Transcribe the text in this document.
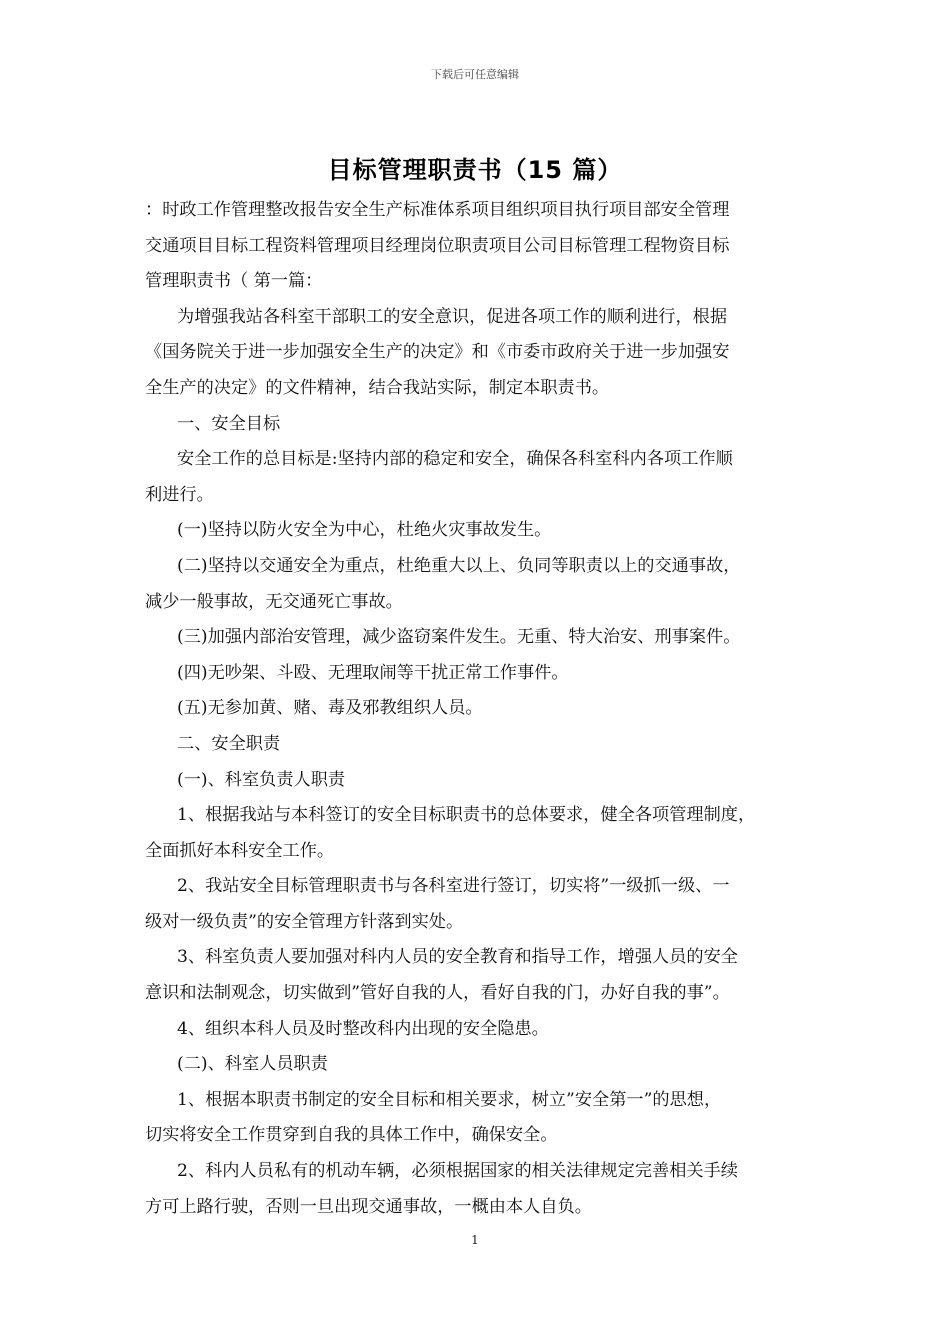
下载后可任意编辑
目标管理职责书（15 篇）
：时政工作管理整改报告安全生产标准体系项目组织项目执行项目部安全管理
交通项目目标工程资料管理项目经理岗位职责项目公司目标管理工程物资目标
管理职责书（ 第一篇：
为增强我站各科室干部职工的安全意识，促进各项工作的顺利进行，根据
《国务院关于进一步加强安全生产的决定》和《市委市政府关于进一步加强安
全生产的决定》的文件精神，结合我站实际，制定本职责书。
一、安全目标
安全工作的总目标是:坚持内部的稳定和安全，确保各科室科内各项工作顺
利进行。
(一)坚持以防火安全为中心，杜绝火灾事故发生。
(二)坚持以交通安全为重点，杜绝重大以上、负同等职责以上的交通事故，
减少一般事故，无交通死亡事故。
(三)加强内部治安管理，减少盗窃案件发生。无重、特大治安、刑事案件。
(四)无吵架、斗殴、无理取闹等干扰正常工作事件。
(五)无参加黄、赌、毒及邪教组织人员。
二、安全职责
(一)、科室负责人职责
1、根据我站与本科签订的安全目标职责书的总体要求，健全各项管理制度，
全面抓好本科安全工作。
2、我站安全目标管理职责书与各科室进行签订，切实将”一级抓一级、一
级对一级负责”的安全管理方针落到实处。
3、科室负责人要加强对科内人员的安全教育和指导工作，增强人员的安全
意识和法制观念，切实做到”管好自我的人，看好自我的门，办好自我的事”。
4、组织本科人员及时整改科内出现的安全隐患。
(二)、科室人员职责
1、根据本职责书制定的安全目标和相关要求，树立”安全第一”的思想，
切实将安全工作贯穿到自我的具体工作中，确保安全。
2、科内人员私有的机动车辆，必须根据国家的相关法律规定完善相关手续
方可上路行驶，否则一旦出现交通事故，一概由本人自负。
1
